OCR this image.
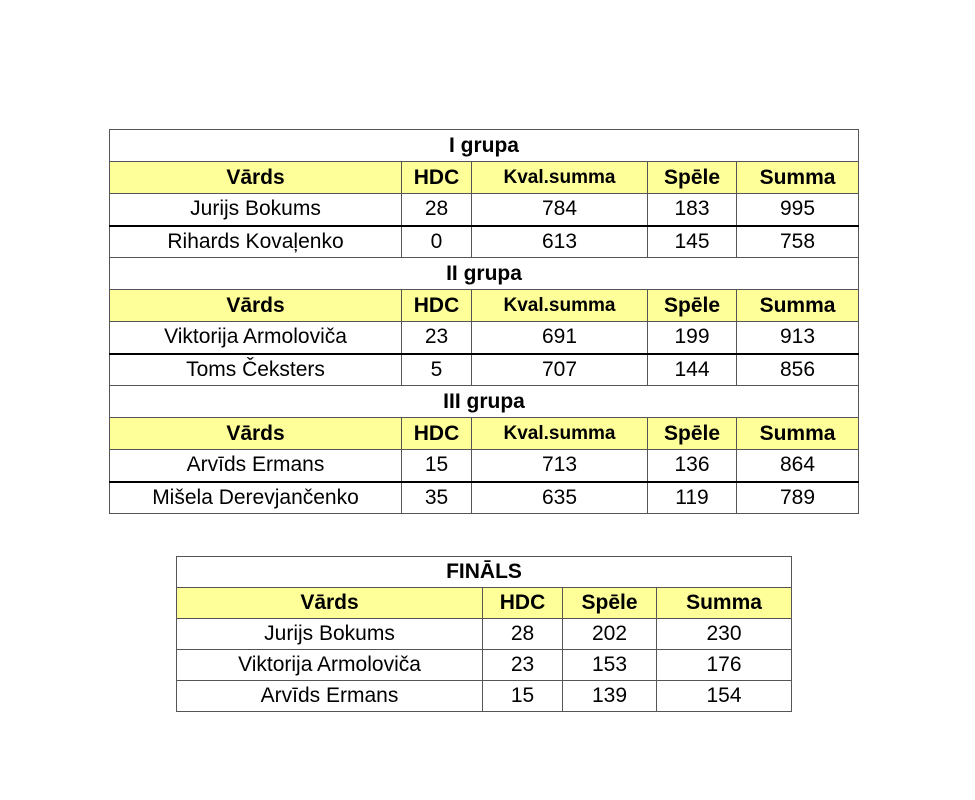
I grupa				
Vārds	HDC	Kval.summa	Spēle	Summa
Jurijs Bokums	28	784	183	995
Rihards Kovaļenko	0	613	145	758
II grupa				
Vārds	HDC	Kval.summa	Spēle	Summa
Viktorija Armoloviča	23	691	199	913
Toms Čeksters	5	707	144	856
III grupa				
Vārds	HDC	Kval.summa	Spēle	Summa
Arvīds Ermans	15	713	136	864
Mišela Derevjančenko	35	635	119	789
FINĀLS			
Vārds	HDC	Spēle	Summa
Jurijs Bokums	28	202	230
Viktorija Armoloviča	23	153	176
Arvīds Ermans	15	139	154
